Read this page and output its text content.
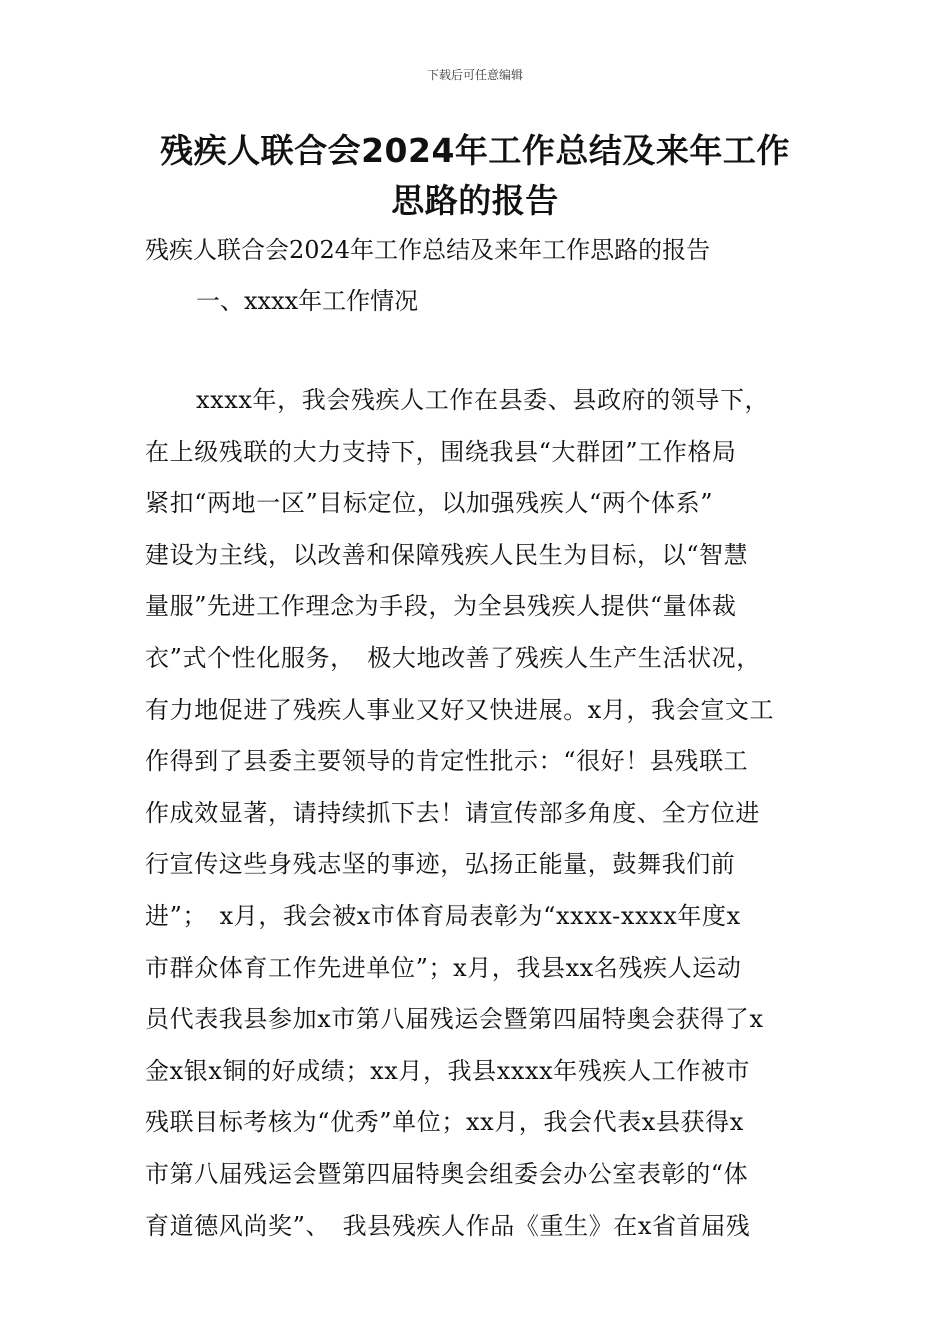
下载后可任意编辑
残疾人联合会2024年工作总结及来年工作
思路的报告
残疾人联合会2024年工作总结及来年工作思路的报告
一、xxxx年工作情况
xxxx年，我会残疾人工作在县委、县政府的领导下，
在上级残联的大力支持下，围绕我县“大群团”工作格局
紧扣“两地一区”目标定位，以加强残疾人“两个体系”
建设为主线，以改善和保障残疾人民生为目标，以“智慧
量服”先进工作理念为手段，为全县残疾人提供“量体裁
衣”式个性化服务，　极大地改善了残疾人生产生活状况，
有力地促进了残疾人事业又好又快进展。x月，我会宣文工
作得到了县委主要领导的肯定性批示：“很好！县残联工
作成效显著，请持续抓下去！请宣传部多角度、全方位进
行宣传这些身残志坚的事迹，弘扬正能量，鼓舞我们前
进”；　x月，我会被x市体育局表彰为“xxxx-xxxx年度x
市群众体育工作先进单位”；x月，我县xx名残疾人运动
员代表我县参加x市第八届残运会暨第四届特奥会获得了x
金x银x铜的好成绩；xx月，我县xxxx年残疾人工作被市
残联目标考核为“优秀”单位；xx月，我会代表x县获得x
市第八届残运会暨第四届特奥会组委会办公室表彰的“体
育道德风尚奖”、　我县残疾人作品《重生》在x省首届残
